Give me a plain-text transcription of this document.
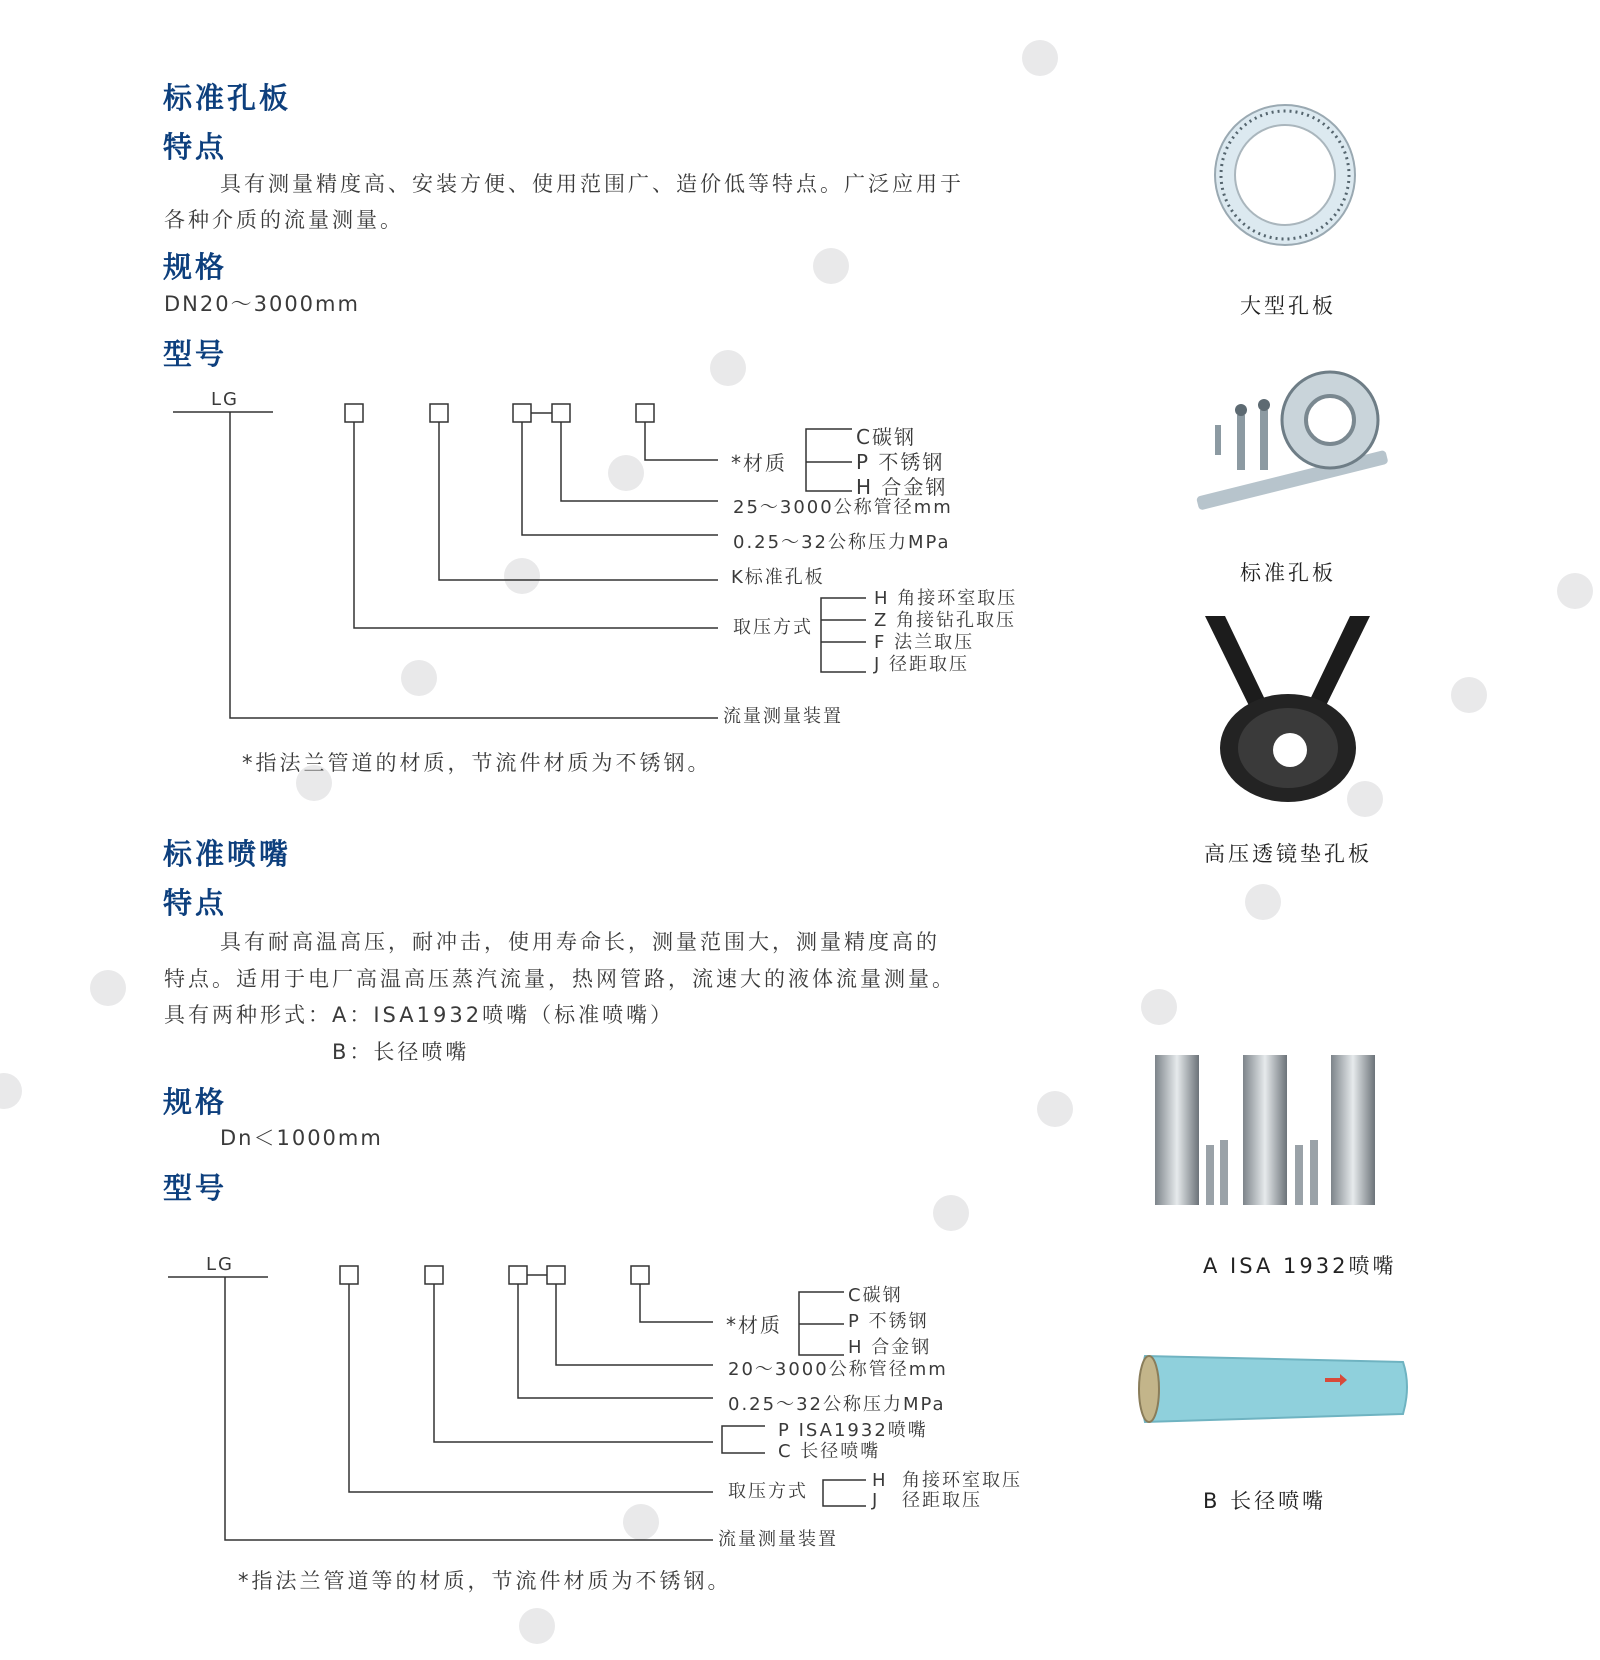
标准孔板
特点
具有测量精度高、安装方便、使用范围广、造价低等特点。广泛应用于
各种介质的流量测量。
规格
DN20～3000mm
型号
LG
*材质
C碳钢
P 不锈钢
H 合金钢
25～3000公称管径mm
0.25～32公称压力MPa
K标准孔板
取压方式
H 角接环室取压
Z 角接钻孔取压
F 法兰取压
J 径距取压
流量测量装置
*指法兰管道的材质，节流件材质为不锈钢。
标准喷嘴
特点
具有耐高温高压，耐冲击，使用寿命长，测量范围大，测量精度高的
特点。适用于电厂高温高压蒸汽流量，热网管路，流速大的液体流量测量。
具有两种形式：A：ISA1932喷嘴（标准喷嘴）
B：长径喷嘴
规格
Dn＜1000mm
型号
LG
*材质
C碳钢
P 不锈钢
H 合金钢
20～3000公称管径mm
0.25～32公称压力MPa
P ISA1932喷嘴
C 长径喷嘴
取压方式
H
J
角接环室取压
径距取压
流量测量装置
*指法兰管道等的材质，节流件材质为不锈钢。
大型孔板
标准孔板
高压透镜垫孔板
A ISA 1932喷嘴
B 长径喷嘴
